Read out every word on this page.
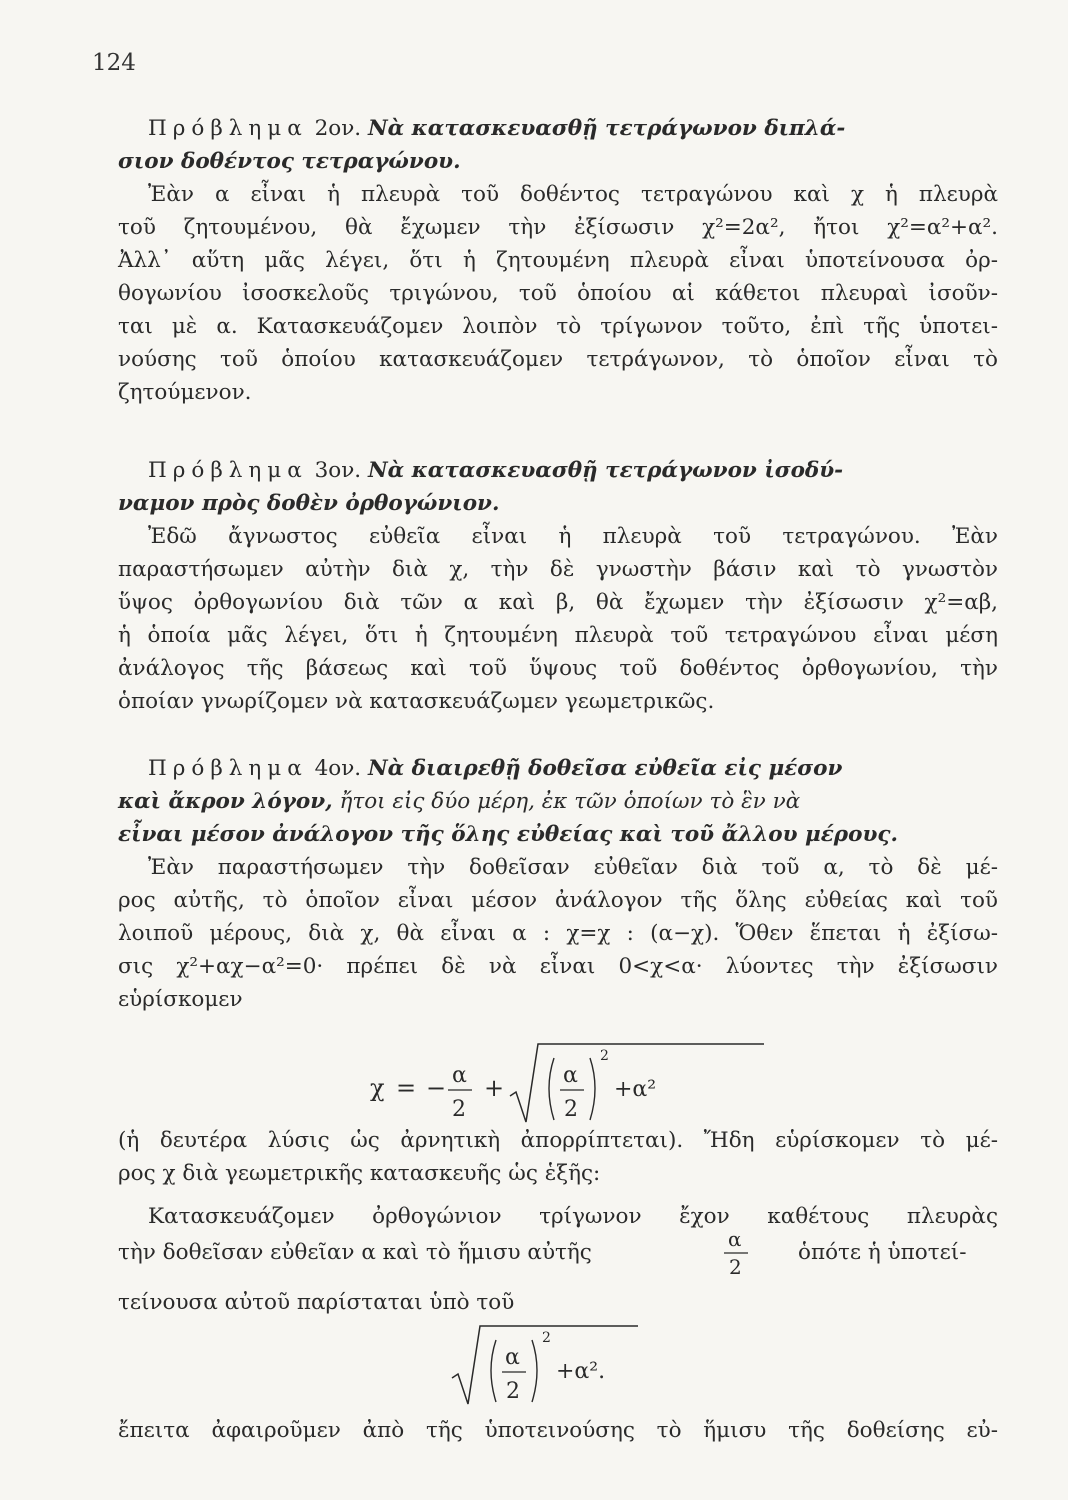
124
Πρόβλημα 2ον. Νὰ κατασκευασθῇ τετράγωνον διπλά-
σιον δοθέντος τετραγώνου.
Ἐὰν α εἶναι ἡ πλευρὰ τοῦ δοθέντος τετραγώνου καὶ χ ἡ πλευρὰ
τοῦ ζητουμένου, θὰ ἔχωμεν τὴν ἐξίσωσιν χ²=2α², ἤτοι χ²=α²+α².
Ἀλλ᾿ αὕτη μᾶς λέγει, ὅτι ἡ ζητουμένη πλευρὰ εἶναι ὑποτείνουσα ὀρ-
θογωνίου ἰσοσκελοῦς τριγώνου, τοῦ ὁποίου αἱ κάθετοι πλευραὶ ἰσοῦν-
ται μὲ α. Κατασκευάζομεν λοιπὸν τὸ τρίγωνον τοῦτο, ἐπὶ τῆς ὑποτει-
νούσης τοῦ ὁποίου κατασκευάζομεν τετράγωνον, τὸ ὁποῖον εἶναι τὸ
ζητούμενον.
Πρόβλημα 3ον. Νὰ κατασκευασθῇ τετράγωνον ἰσοδύ-
ναμον πρὸς δοθὲν ὀρθογώνιον.
Ἐδῶ ἄγνωστος εὐθεῖα εἶναι ἡ πλευρὰ τοῦ τετραγώνου. Ἐὰν
παραστήσωμεν αὐτὴν διὰ χ, τὴν δὲ γνωστὴν βάσιν καὶ τὸ γνωστὸν
ὕψος ὀρθογωνίου διὰ τῶν α καὶ β, θὰ ἔχωμεν τὴν ἐξίσωσιν χ²=αβ,
ἡ ὁποία μᾶς λέγει, ὅτι ἡ ζητουμένη πλευρὰ τοῦ τετραγώνου εἶναι μέση
ἀνάλογος τῆς βάσεως καὶ τοῦ ὕψους τοῦ δοθέντος ὀρθογωνίου, τὴν
ὁποίαν γνωρίζομεν νὰ κατασκευάζωμεν γεωμετρικῶς.
Πρόβλημα 4ον. Νὰ διαιρεθῇ δοθεῖσα εὐθεῖα εἰς μέσον
καὶ ἄκρον λόγον, ἤτοι εἰς δύο μέρη, ἐκ τῶν ὁποίων τὸ ἓν νὰ
εἶναι μέσον ἀνάλογον τῆς ὅλης εὐθείας καὶ τοῦ ἄλλου μέρους.
Ἐὰν παραστήσωμεν τὴν δοθεῖσαν εὐθεῖαν διὰ τοῦ α, τὸ δὲ μέ-
ρος αὐτῆς, τὸ ὁποῖον εἶναι μέσον ἀνάλογον τῆς ὅλης εὐθείας καὶ τοῦ
λοιποῦ μέρους, διὰ χ, θὰ εἶναι α : χ=χ : (α−χ). Ὅθεν ἕπεται ἡ ἐξίσω-
σις χ²+αχ−α²=0· πρέπει δὲ νὰ εἶναι 0<χ<α· λύοντες τὴν ἐξίσωσιν
εὑρίσκομεν
χ = − α
2
+	α
2
2
+α²
(ἡ δευτέρα λύσις ὡς ἀρνητικὴ ἀπορρίπτεται). Ἤδη εὑρίσκομεν τὸ μέ-
ρος χ διὰ γεωμετρικῆς κατασκευῆς ὡς ἑξῆς:
Κατασκευάζομεν ὀρθογώνιον τρίγωνον ἔχον καθέτους πλευρὰς
τὴν δοθεῖσαν εὐθεῖαν α καὶ τὸ ἥμισυ αὐτῆς
α
2
ὁπότε ἡ ὑποτεί-
τείνουσα αὐτοῦ παρίσταται ὑπὸ τοῦ
α
2
2
+α².
ἔπειτα ἀφαιροῦμεν ἀπὸ τῆς ὑποτεινούσης τὸ ἥμισυ τῆς δοθείσης εὐ-
